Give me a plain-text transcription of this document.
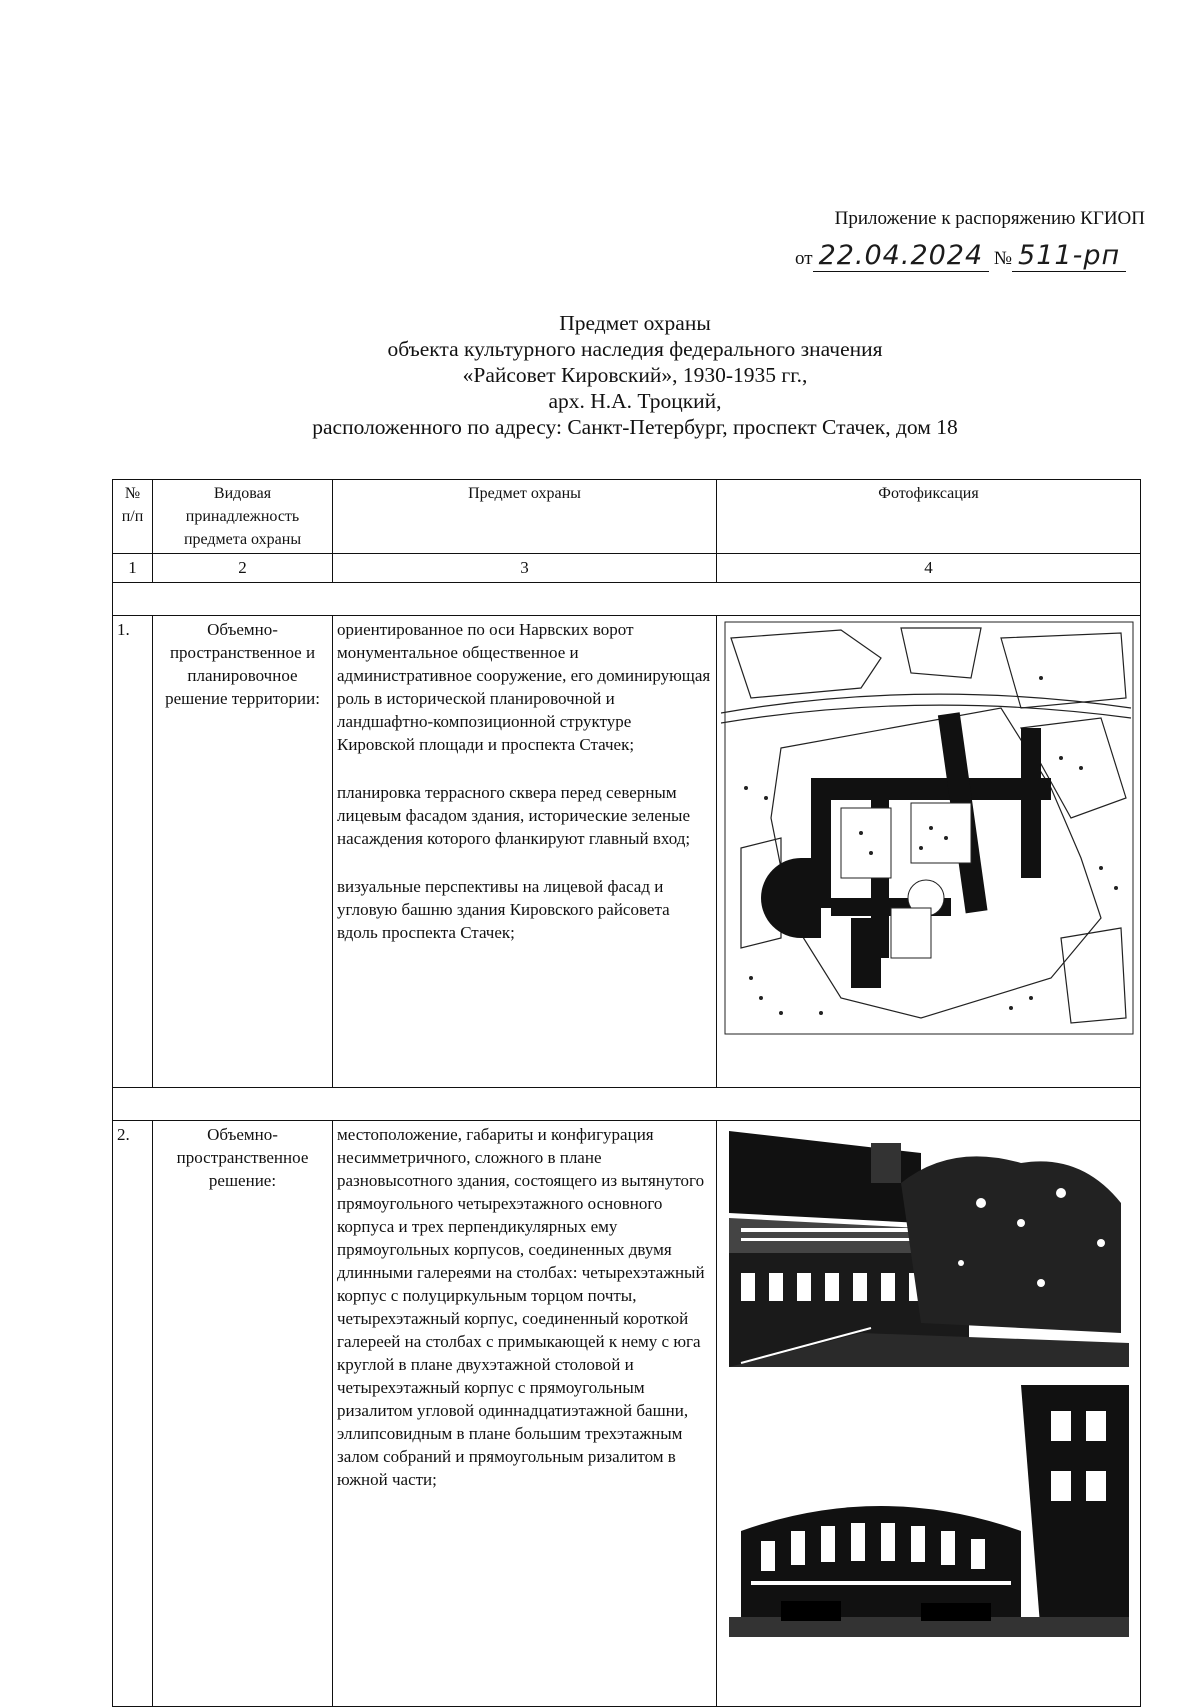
Приложение к распоряжению КГИОП
от 22.04.2024 № 511-рп
Предмет охраны
объекта культурного наследия федерального значения
«Райсовет Кировский», 1930-1935 гг.,
арх. Н.А. Троцкий,
расположенного по адресу: Санкт-Петербург, проспект Стачек, дом 18
№ п/п	Видовая принадлежность предмета охраны	Предмет охраны	Фотофиксация
1	2	3	4

1.	Объемно-пространственное и планировочное решение территории:	ориентированное по оси Нарвских ворот монументальное общественное и административное сооружение, его доминирующая роль в исторической планировочной и ландшафтно-композиционной структуре Кировской площади и проспекта Стачек;

планировка террасного сквера перед северным лицевым фасадом здания, исторические зеленые насаждения которого фланкируют главный вход;

визуальные перспективы на лицевой фасад и угловую башню здания Кировского райсовета вдоль проспекта Стачек;

2.	Объемно-пространственное решение:	местоположение, габариты и конфигурация несимметричного, сложного в плане разновысотного здания, состоящего из вытянутого прямоугольного четырехэтажного основного корпуса и трех перпендикулярных ему прямоугольных корпусов, соединенных двумя длинными галереями на столбах: четырехэтажный корпус с полуциркульным торцом почты, четырехэтажный корпус, соединенный короткой галереей на столбах с примыкающей к нему с юга круглой в плане двухэтажной столовой и четырехэтажный корпус с прямоугольным ризалитом угловой одиннадцатиэтажной башни, эллипсовидным в плане большим трехэтажным залом собраний и прямоугольным ризалитом в южной части;
